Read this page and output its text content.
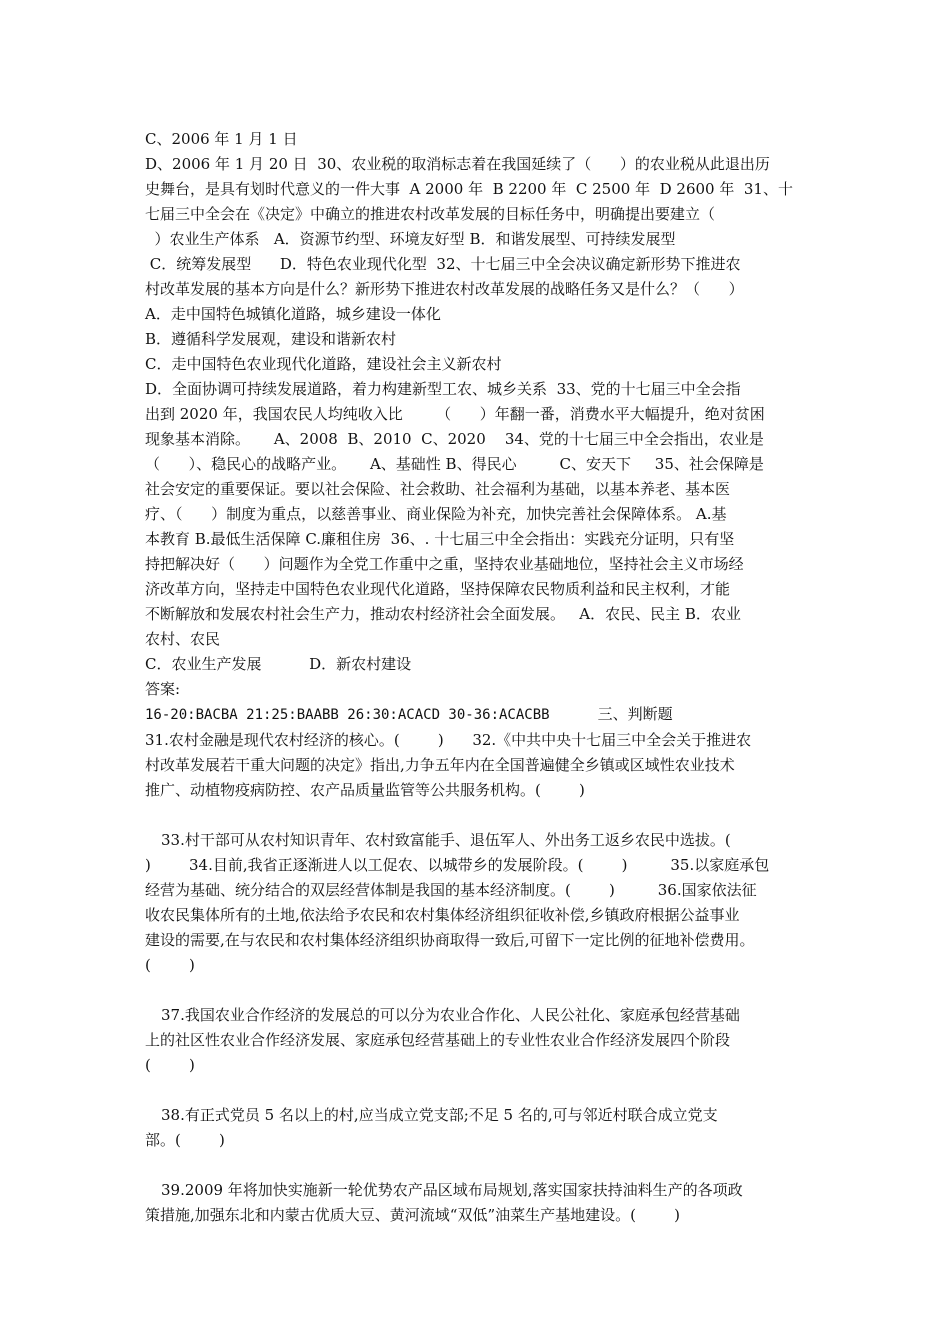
C、2006 年 1 月 1 日
D、2006 年 1 月 20 日  30、农业税的取消标志着在我国延续了（      ）的农业税从此退出历
史舞台，是具有划时代意义的一件大事  A 2000 年  B 2200 年  C 2500 年  D 2600 年  31、十
七届三中全会在《决定》中确立的推进农村改革发展的目标任务中，明确提出要建立（
）农业生产体系   A．资源节约型、环境友好型 B．和谐发展型、可持续发展型
C．统筹发展型      D．特色农业现代化型  32、十七届三中全会决议确定新形势下推进农
村改革发展的基本方向是什么？新形势下推进农村改革发展的战略任务又是什么？（      ）
A．走中国特色城镇化道路，城乡建设一体化
B．遵循科学发展观，建设和谐新农村
C．走中国特色农业现代化道路，建设社会主义新农村
D．全面协调可持续发展道路，着力构建新型工农、城乡关系  33、党的十七届三中全会指
出到 2020 年，我国农民人均纯收入比       （      ）年翻一番，消费水平大幅提升，绝对贫困
现象基本消除。     A、2008  B、2010  C、2020    34、党的十七届三中全会指出，农业是
（      ）、稳民心的战略产业。     A、基础性 B、得民心         C、安天下     35、社会保障是
社会安定的重要保证。要以社会保险、社会救助、社会福利为基础，以基本养老、基本医
疗、（      ）制度为重点，以慈善事业、商业保险为补充，加快完善社会保障体系。 A.基
本教育 B.最低生活保障 C.廉租住房  36、. 十七届三中全会指出：实践充分证明，只有坚
持把解决好（      ）问题作为全党工作重中之重，坚持农业基础地位，坚持社会主义市场经
济改革方向，坚持走中国特色农业现代化道路，坚持保障农民物质利益和民主权利，才能
不断解放和发展农村社会生产力，推动农村经济社会全面发展。   A．农民、民主 B．农业
农村、农民
C．农业生产发展          D．新农村建设
答案:
16-20:BACBA 21:25:BAABB 26:30:ACACD 30-36:ACACBB	三、判断题
31.农村金融是现代农村经济的核心。(        )      32.《中共中央十七届三中全会关于推进农
村改革发展若干重大问题的决定》指出,力争五年内在全国普遍健全乡镇或区域性农业技术
推广、动植物疫病防控、农产品质量监管等公共服务机构。(        )
33.村干部可从农村知识青年、农村致富能手、退伍军人、外出务工返乡农民中选拔。(
)        34.目前,我省正逐渐进人以工促农、以城带乡的发展阶段。(        )         35.以家庭承包
经营为基础、统分结合的双层经营体制是我国的基本经济制度。(        )         36.国家依法征
收农民集体所有的土地,依法给予农民和农村集体经济组织征收补偿,乡镇政府根据公益事业
建设的需要,在与农民和农村集体经济组织协商取得一致后,可留下一定比例的征地补偿费用。
(        )
37.我国农业合作经济的发展总的可以分为农业合作化、人民公社化、家庭承包经营基础
上的社区性农业合作经济发展、家庭承包经营基础上的专业性农业合作经济发展四个阶段
(        )
38.有正式党员 5 名以上的村,应当成立党支部;不足 5 名的,可与邻近村联合成立党支
部。(        )
39.2009 年将加快实施新一轮优势农产品区域布局规划,落实国家扶持油料生产的各项政
策措施,加强东北和内蒙古优质大豆、黄河流域“双低”油菜生产基地建设。(        )
